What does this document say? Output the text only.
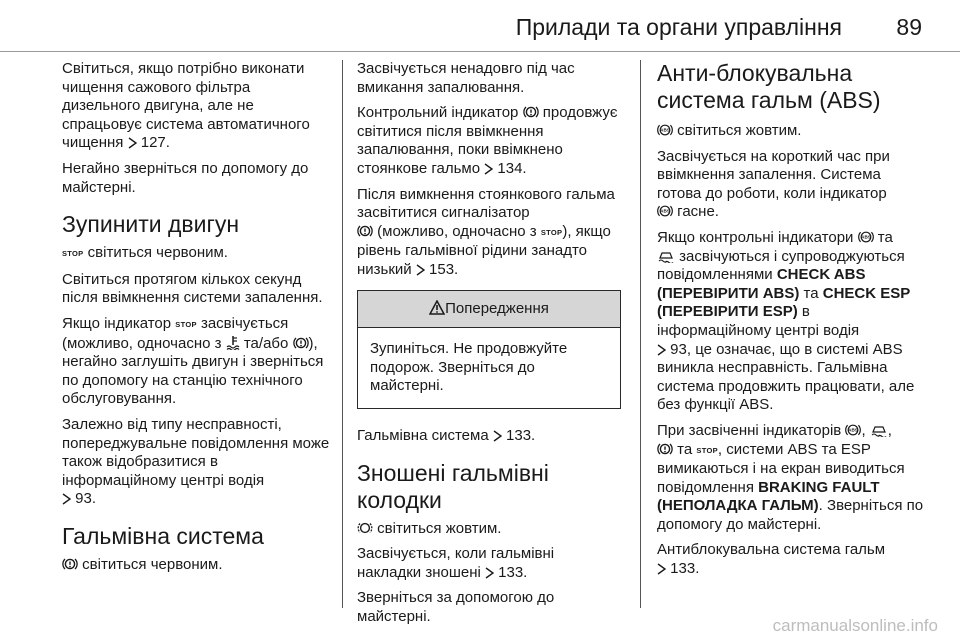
Прилади та органи управління 89

Світиться, якщо потрібно виконати чищення сажового фільтра дизельного двигуна, але не спрацьовує система автоматичного чищення 127.

Негайно зверніться по допомогу до майстерні.

Зупинити двигун

STOP світиться червоним.

Світиться протягом кількох секунд після ввімкнення системи запалення.

Якщо індикатор STOP засвічується (можливо, одночасно з та/або ), негайно заглушіть двигун і зверніться по допомогу на станцію технічного обслуговування.

Залежно від типу несправності, попереджувальне повідомлення може також відобразитися в інформаційному центрі водія

93.

Гальмівна система

світиться червоним.

Засвічується ненадовго під час вмикання запалювання.

Контрольний індикатор продовжує світитися після ввімкнення запалювання, поки ввімкнено стоянкове гальмо 134.

Після вимкнення стоянкового гальма засвітитися сигналізатор

(можливо, одночасно з STOP), якщо рівень гальмівної рідини занадто низький 153.

Попередження
Зупиніться. Не продовжуйте подорож. Зверніться до майстерні.

Гальмівна система 133.

Зношені гальмівні колодки

світиться жовтим.

Засвічується, коли гальмівні накладки зношені 133.

Зверніться за допомогою до майстерні.

Анти-блокувальна система гальм (ABS)

ABS світиться жовтим.

Засвічується на короткий час при ввімкнення запалення. Система готова до роботи, коли індикатор

ABS гасне.

Якщо контрольні індикатори ABS та

засвічуються і супроводжуються повідомленнями CHECK ABS (ПЕРЕВІРИТИ ABS) та CHECK ESP (ПЕРЕВІРИТИ ESP) в інформаційному центрі водія

93, це означає, що в системі ABS виникла несправність. Гальмівна система продовжить працювати, але без функції ABS.

При засвіченні індикаторів ABS , ,

та STOP, системи ABS та ESP вимикаються і на екран виводиться повідомлення BRAKING FAULT (НЕПОЛАДКА ГАЛЬМ). Зверніться по допомогу до майстерні.

Антиблокувальна система гальм

133.

carmanualsonline.info
